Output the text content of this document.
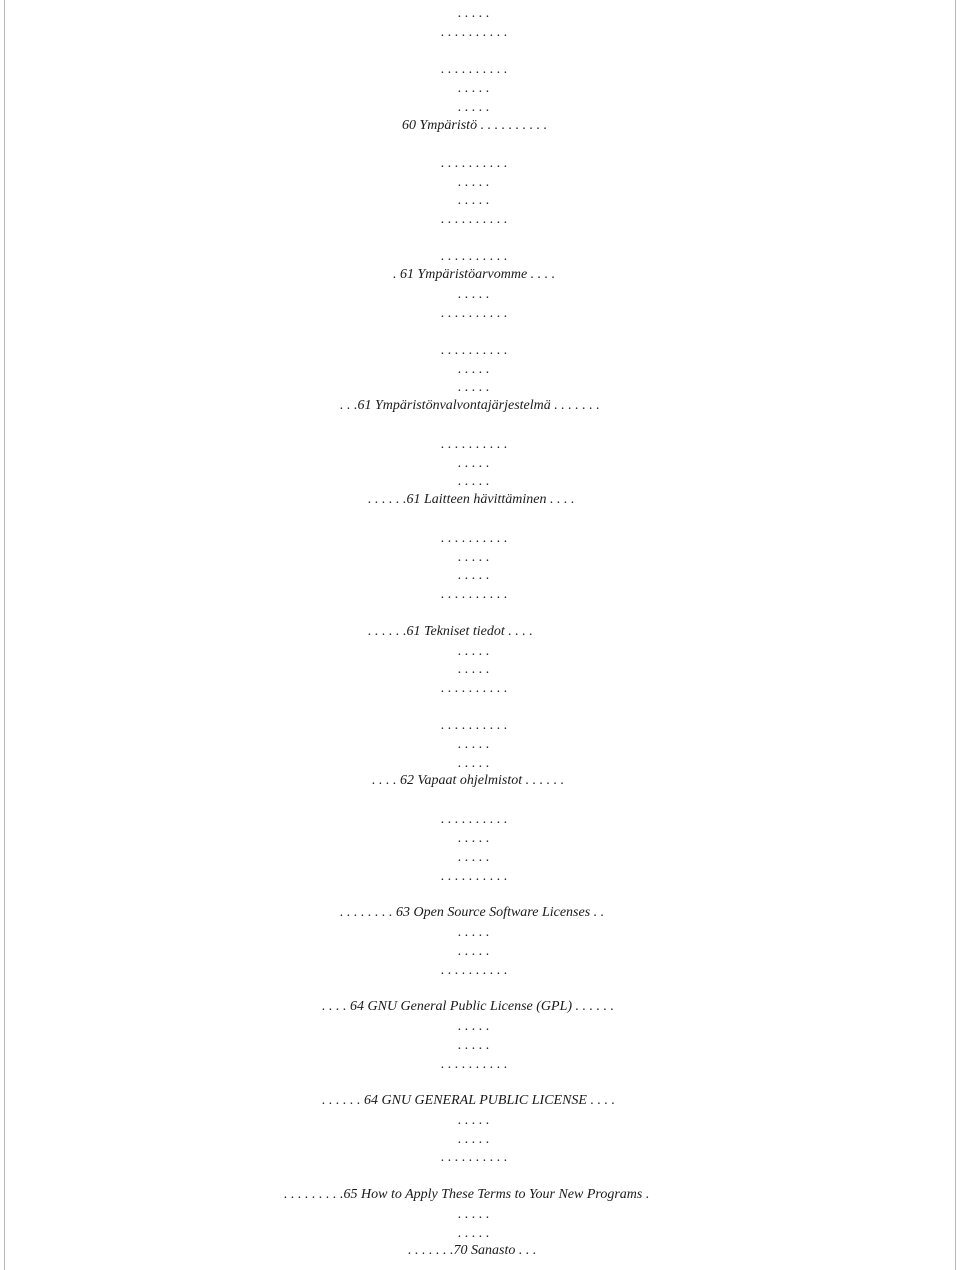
. . . . .
. . . . . . . . . .
. . . . . . . . . .
. . . . .
. . . . .
60 Ympäristö . . . . . . . . . .
. . . . . . . . . .
. . . . .
. . . . .
. . . . . . . . . .
. . . . . . . . . .
. 61 Ympäristöarvomme . . . .
. . . . .
. . . . . . . . . .
. . . . . . . . . .
. . . . .
. . . . .
. . .61 Ympäristönvalvontajärjestelmä . . . . . . .
. . . . . . . . . .
. . . . .
. . . . .
. . . . . .61 Laitteen hävittäminen . . . .
. . . . . . . . . .
. . . . .
. . . . .
. . . . . . . . . .
. . . . . .61 Tekniset tiedot . . . .
. . . . .
. . . . .
. . . . . . . . . .
. . . . . . . . . .
. . . . .
. . . . .
. . . . 62 Vapaat ohjelmistot . . . . . .
. . . . . . . . . .
. . . . .
. . . . .
. . . . . . . . . .
. . . . . . . . 63 Open Source Software Licenses . .
. . . . .
. . . . .
. . . . . . . . . .
. . . . 64 GNU General Public License (GPL) . . . . . .
. . . . .
. . . . .
. . . . . . . . . .
. . . . . . 64 GNU GENERAL PUBLIC LICENSE . . . .
. . . . .
. . . . .
. . . . . . . . . .
. . . . . . . . .65 How to Apply These Terms to Your New Programs .
. . . . .
. . . . .
. . . . . . .70 Sanasto . . .
